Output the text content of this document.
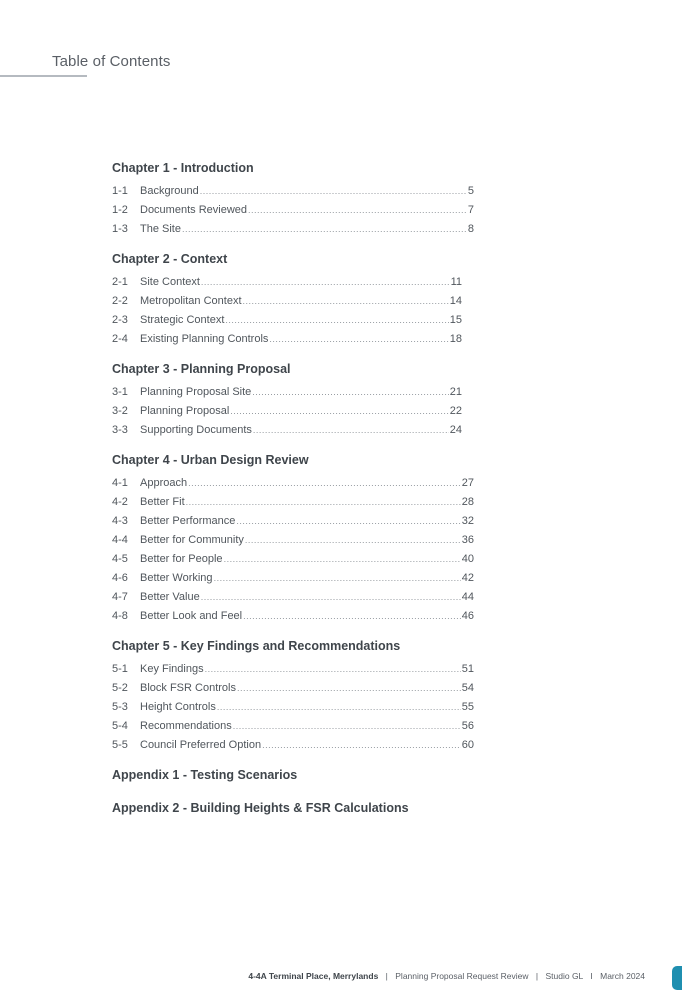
Table of Contents
Chapter 1 - Introduction
1-1	Background .....	5
1-2	Documents Reviewed .....	7
1-3	The Site .....	8
Chapter 2 - Context
2-1	Site Context .....	11
2-2	Metropolitan Context .....	14
2-3	Strategic Context .....	15
2-4	Existing Planning Controls .....	18
Chapter 3 - Planning Proposal
3-1	Planning Proposal Site .....	21
3-2	Planning Proposal .....	22
3-3	Supporting Documents .....	24
Chapter 4 - Urban Design Review
4-1	Approach .....	27
4-2	Better Fit .....	28
4-3	Better Performance .....	32
4-4	Better for Community .....	36
4-5	Better for People .....	40
4-6	Better Working .....	42
4-7	Better Value .....	44
4-8	Better Look and Feel .....	46
Chapter 5 - Key Findings and Recommendations
5-1	Key Findings .....	51
5-2	Block FSR Controls .....	54
5-3	Height Controls .....	55
5-4	Recommendations .....	56
5-5	Council Preferred Option .....	60
Appendix 1 - Testing Scenarios
Appendix 2 - Building Heights & FSR Calculations
4-4A Terminal Place, Merrylands | Planning Proposal Request Review | Studio GL I March 2024
